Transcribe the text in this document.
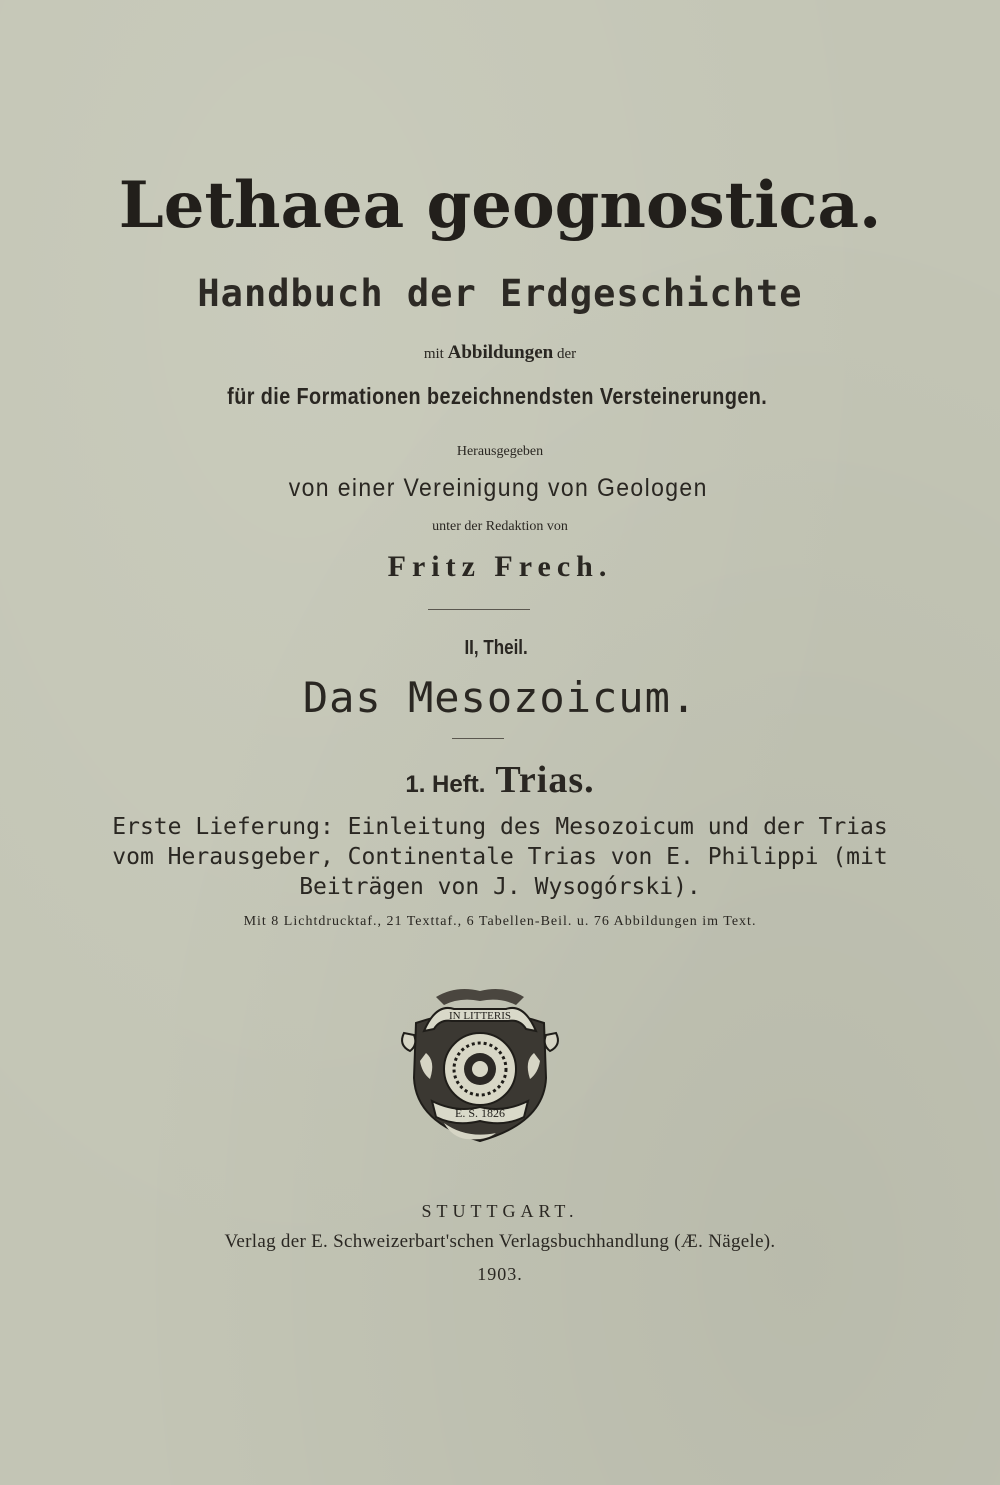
Lethaea geognostica.
Handbuch der Erdgeschichte
mit Abbildungen der
für die Formationen bezeichnendsten Versteinerungen.
Herausgegeben
von einer Vereinigung von Geologen
unter der Redaktion von
Fritz Frech.
II, Theil.
Das Mesozoicum.
1. Heft. Trias.
Erste Lieferung: Einleitung des Mesozoicum und der Trias
vom Herausgeber, Continentale Trias von E. Philippi (mit
Beiträgen von J. Wysogórski).
Mit 8 Lichtdrucktaf., 21 Texttaf., 6 Tabellen-Beil. u. 76 Abbildungen im Text.
IN LITTERIS
E. S. 1826
STUTTGART.
Verlag der E. Schweizerbart'schen Verlagsbuchhandlung (Æ. Nägele).
1903.
